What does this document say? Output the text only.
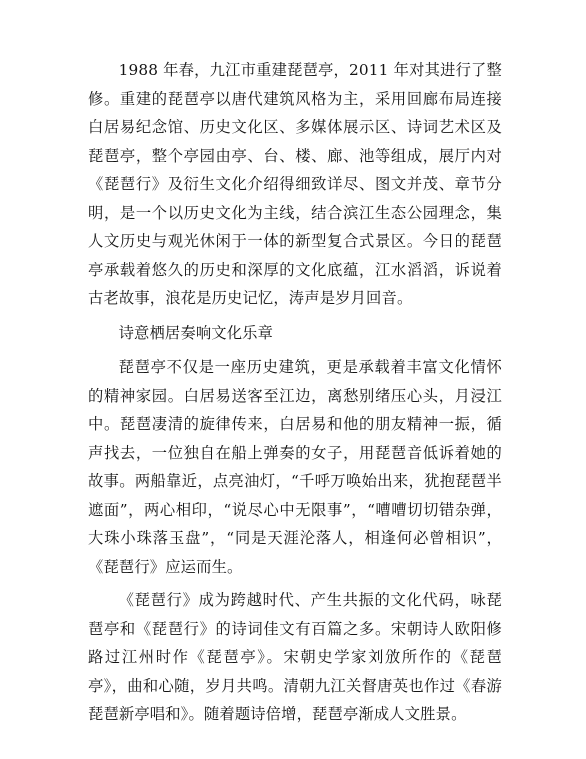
1988 年春，九江市重建琵琶亭，2011 年对其进行了整修。重建的琵琶亭以唐代建筑风格为主，采用回廊布局连接白居易纪念馆、历史文化区、多媒体展示区、诗词艺术区及琵琶亭，整个亭园由亭、台、楼、廊、池等组成，展厅内对《琵琶行》及衍生文化介绍得细致详尽、图文并茂、章节分明，是一个以历史文化为主线，结合滨江生态公园理念，集人文历史与观光休闲于一体的新型复合式景区。今日的琵琶亭承载着悠久的历史和深厚的文化底蕴，江水滔滔，诉说着古老故事，浪花是历史记忆，涛声是岁月回音。

诗意栖居奏响文化乐章

琵琶亭不仅是一座历史建筑，更是承载着丰富文化情怀的精神家园。白居易送客至江边，离愁别绪压心头，月浸江中。琵琶凄清的旋律传来，白居易和他的朋友精神一振，循声找去，一位独自在船上弹奏的女子，用琵琶音低诉着她的故事。两船靠近，点亮油灯，“千呼万唤始出来，犹抱琵琶半遮面”，两心相印，“说尽心中无限事”，“嘈嘈切切错杂弹，大珠小珠落玉盘”，“同是天涯沦落人，相逢何必曾相识”，《琵琶行》应运而生。

《琵琶行》成为跨越时代、产生共振的文化代码，咏琵琶亭和《琵琶行》的诗词佳文有百篇之多。宋朝诗人欧阳修路过江州时作《琵琶亭》。宋朝史学家刘攽所作的《琵琶亭》，曲和心随，岁月共鸣。清朝九江关督唐英也作过《春游琵琶新亭唱和》。随着题诗倍增，琵琶亭渐成人文胜景。
